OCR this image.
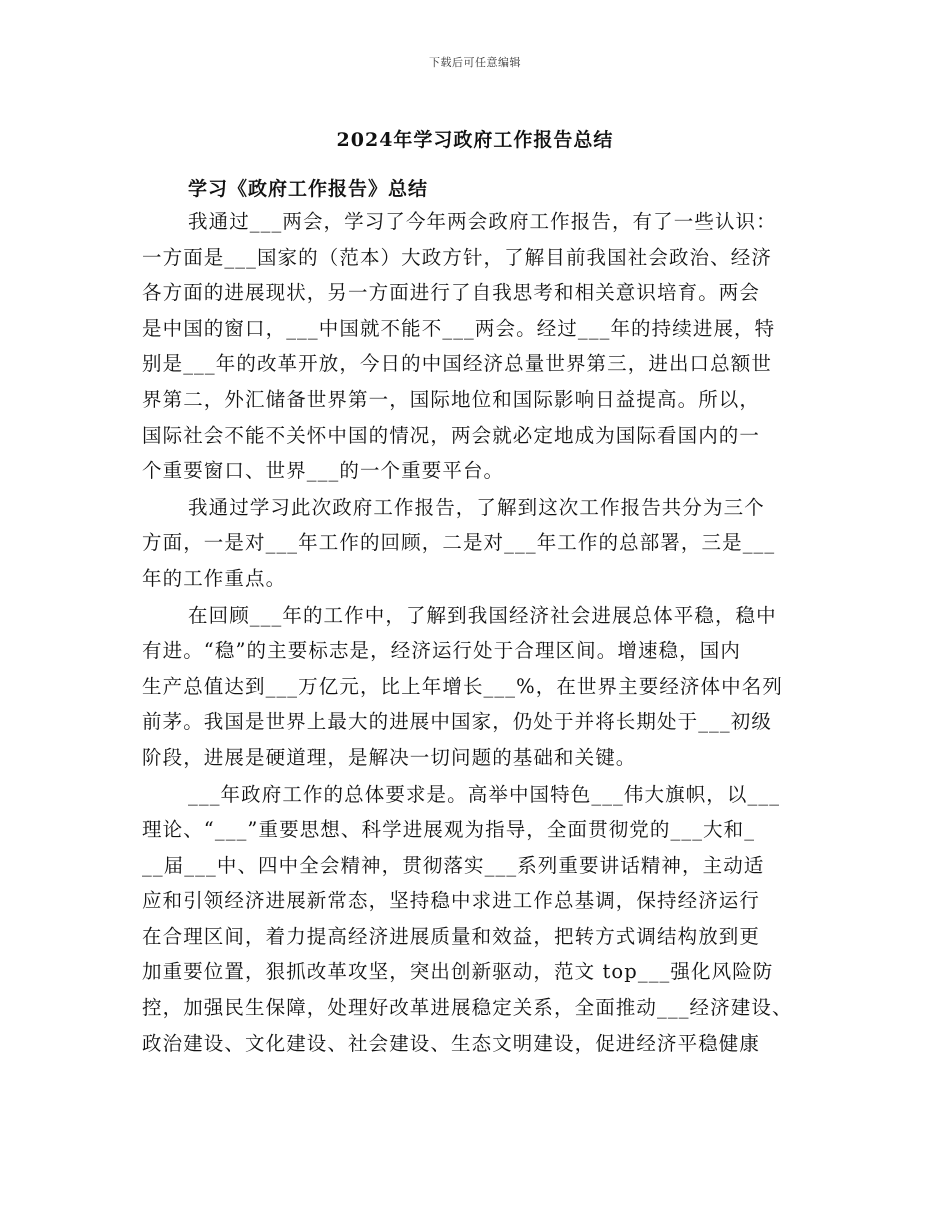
下载后可任意编辑
2024年学习政府工作报告总结
学习《政府工作报告》总结
我通过___两会，学习了今年两会政府工作报告，有了一些认识：
一方面是___国家的（范本）大政方针，了解目前我国社会政治、经济
各方面的进展现状，另一方面进行了自我思考和相关意识培育。两会
是中国的窗口，___中国就不能不___两会。经过___年的持续进展，特
别是___年的改革开放，今日的中国经济总量世界第三，进出口总额世
界第二，外汇储备世界第一，国际地位和国际影响日益提高。所以，
国际社会不能不关怀中国的情况，两会就必定地成为国际看国内的一
个重要窗口、世界___的一个重要平台。
我通过学习此次政府工作报告，了解到这次工作报告共分为三个
方面，一是对___年工作的回顾，二是对___年工作的总部署，三是___
年的工作重点。
在回顾___年的工作中，了解到我国经济社会进展总体平稳，稳中
有进。“稳”的主要标志是，经济运行处于合理区间。增速稳，国内
生产总值达到___万亿元，比上年增长___%，在世界主要经济体中名列
前茅。我国是世界上最大的进展中国家，仍处于并将长期处于___初级
阶段，进展是硬道理，是解决一切问题的基础和关键。
___年政府工作的总体要求是。高举中国特色___伟大旗帜，以___
理论、“___”重要思想、科学进展观为指导，全面贯彻党的___大和_
__届___中、四中全会精神，贯彻落实___系列重要讲话精神，主动适
应和引领经济进展新常态，坚持稳中求进工作总基调，保持经济运行
在合理区间，着力提高经济进展质量和效益，把转方式调结构放到更
加重要位置，狠抓改革攻坚，突出创新驱动，范文 top___强化风险防
控，加强民生保障，处理好改革进展稳定关系，全面推动___经济建设、
政治建设、文化建设、社会建设、生态文明建设，促进经济平稳健康
